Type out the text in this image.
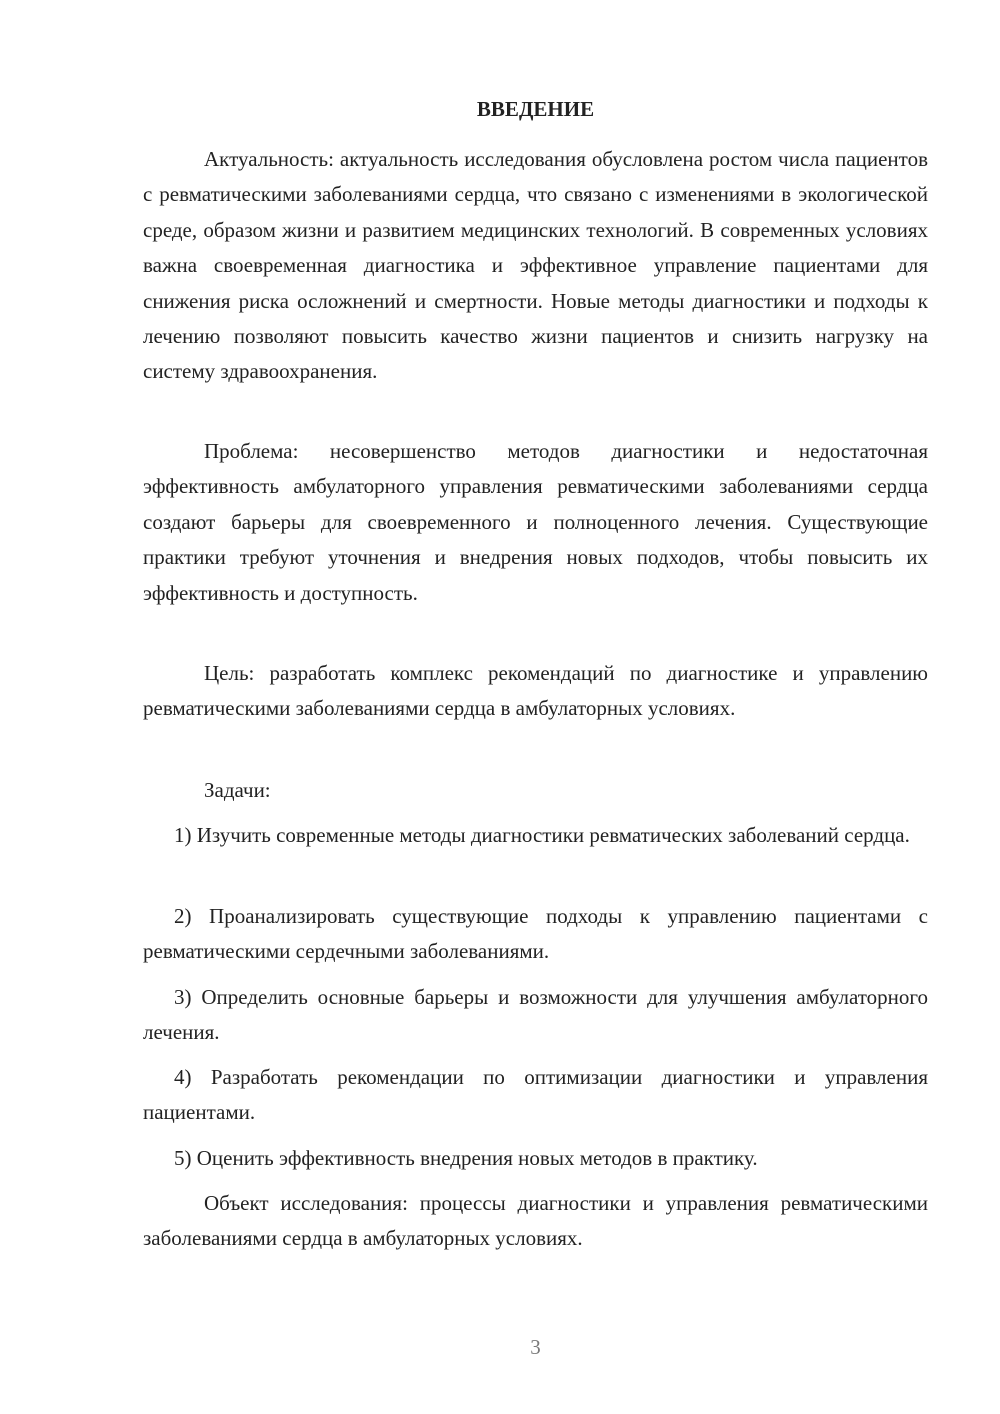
ВВЕДЕНИЕ

Актуальность: актуальность исследования обусловлена ростом числа пациентов с ревматическими заболеваниями сердца, что связано с изменениями в экологической среде, образом жизни и развитием медицинских технологий. В современных условиях важна своевременная диагностика и эффективное управление пациентами для снижения риска осложнений и смертности. Новые методы диагностики и подходы к лечению позволяют повысить качество жизни пациентов и снизить нагрузку на систему здравоохранения.

Проблема: несовершенство методов диагностики и недостаточная эффективность амбулаторного управления ревматическими заболеваниями сердца создают барьеры для своевременного и полноценного лечения. Существующие практики требуют уточнения и внедрения новых подходов, чтобы повысить их эффективность и доступность.

Цель: разработать комплекс рекомендаций по диагностике и управлению ревматическими заболеваниями сердца в амбулаторных условиях.

Задачи:

1) Изучить современные методы диагностики ревматических заболеваний сердца.

2) Проанализировать существующие подходы к управлению пациентами с ревматическими сердечными заболеваниями.

3) Определить основные барьеры и возможности для улучшения амбулаторного лечения.

4) Разработать рекомендации по оптимизации диагностики и управления пациентами.

5) Оценить эффективность внедрения новых методов в практику.

Объект исследования: процессы диагностики и управления ревматическими заболеваниями сердца в амбулаторных условиях.

3
